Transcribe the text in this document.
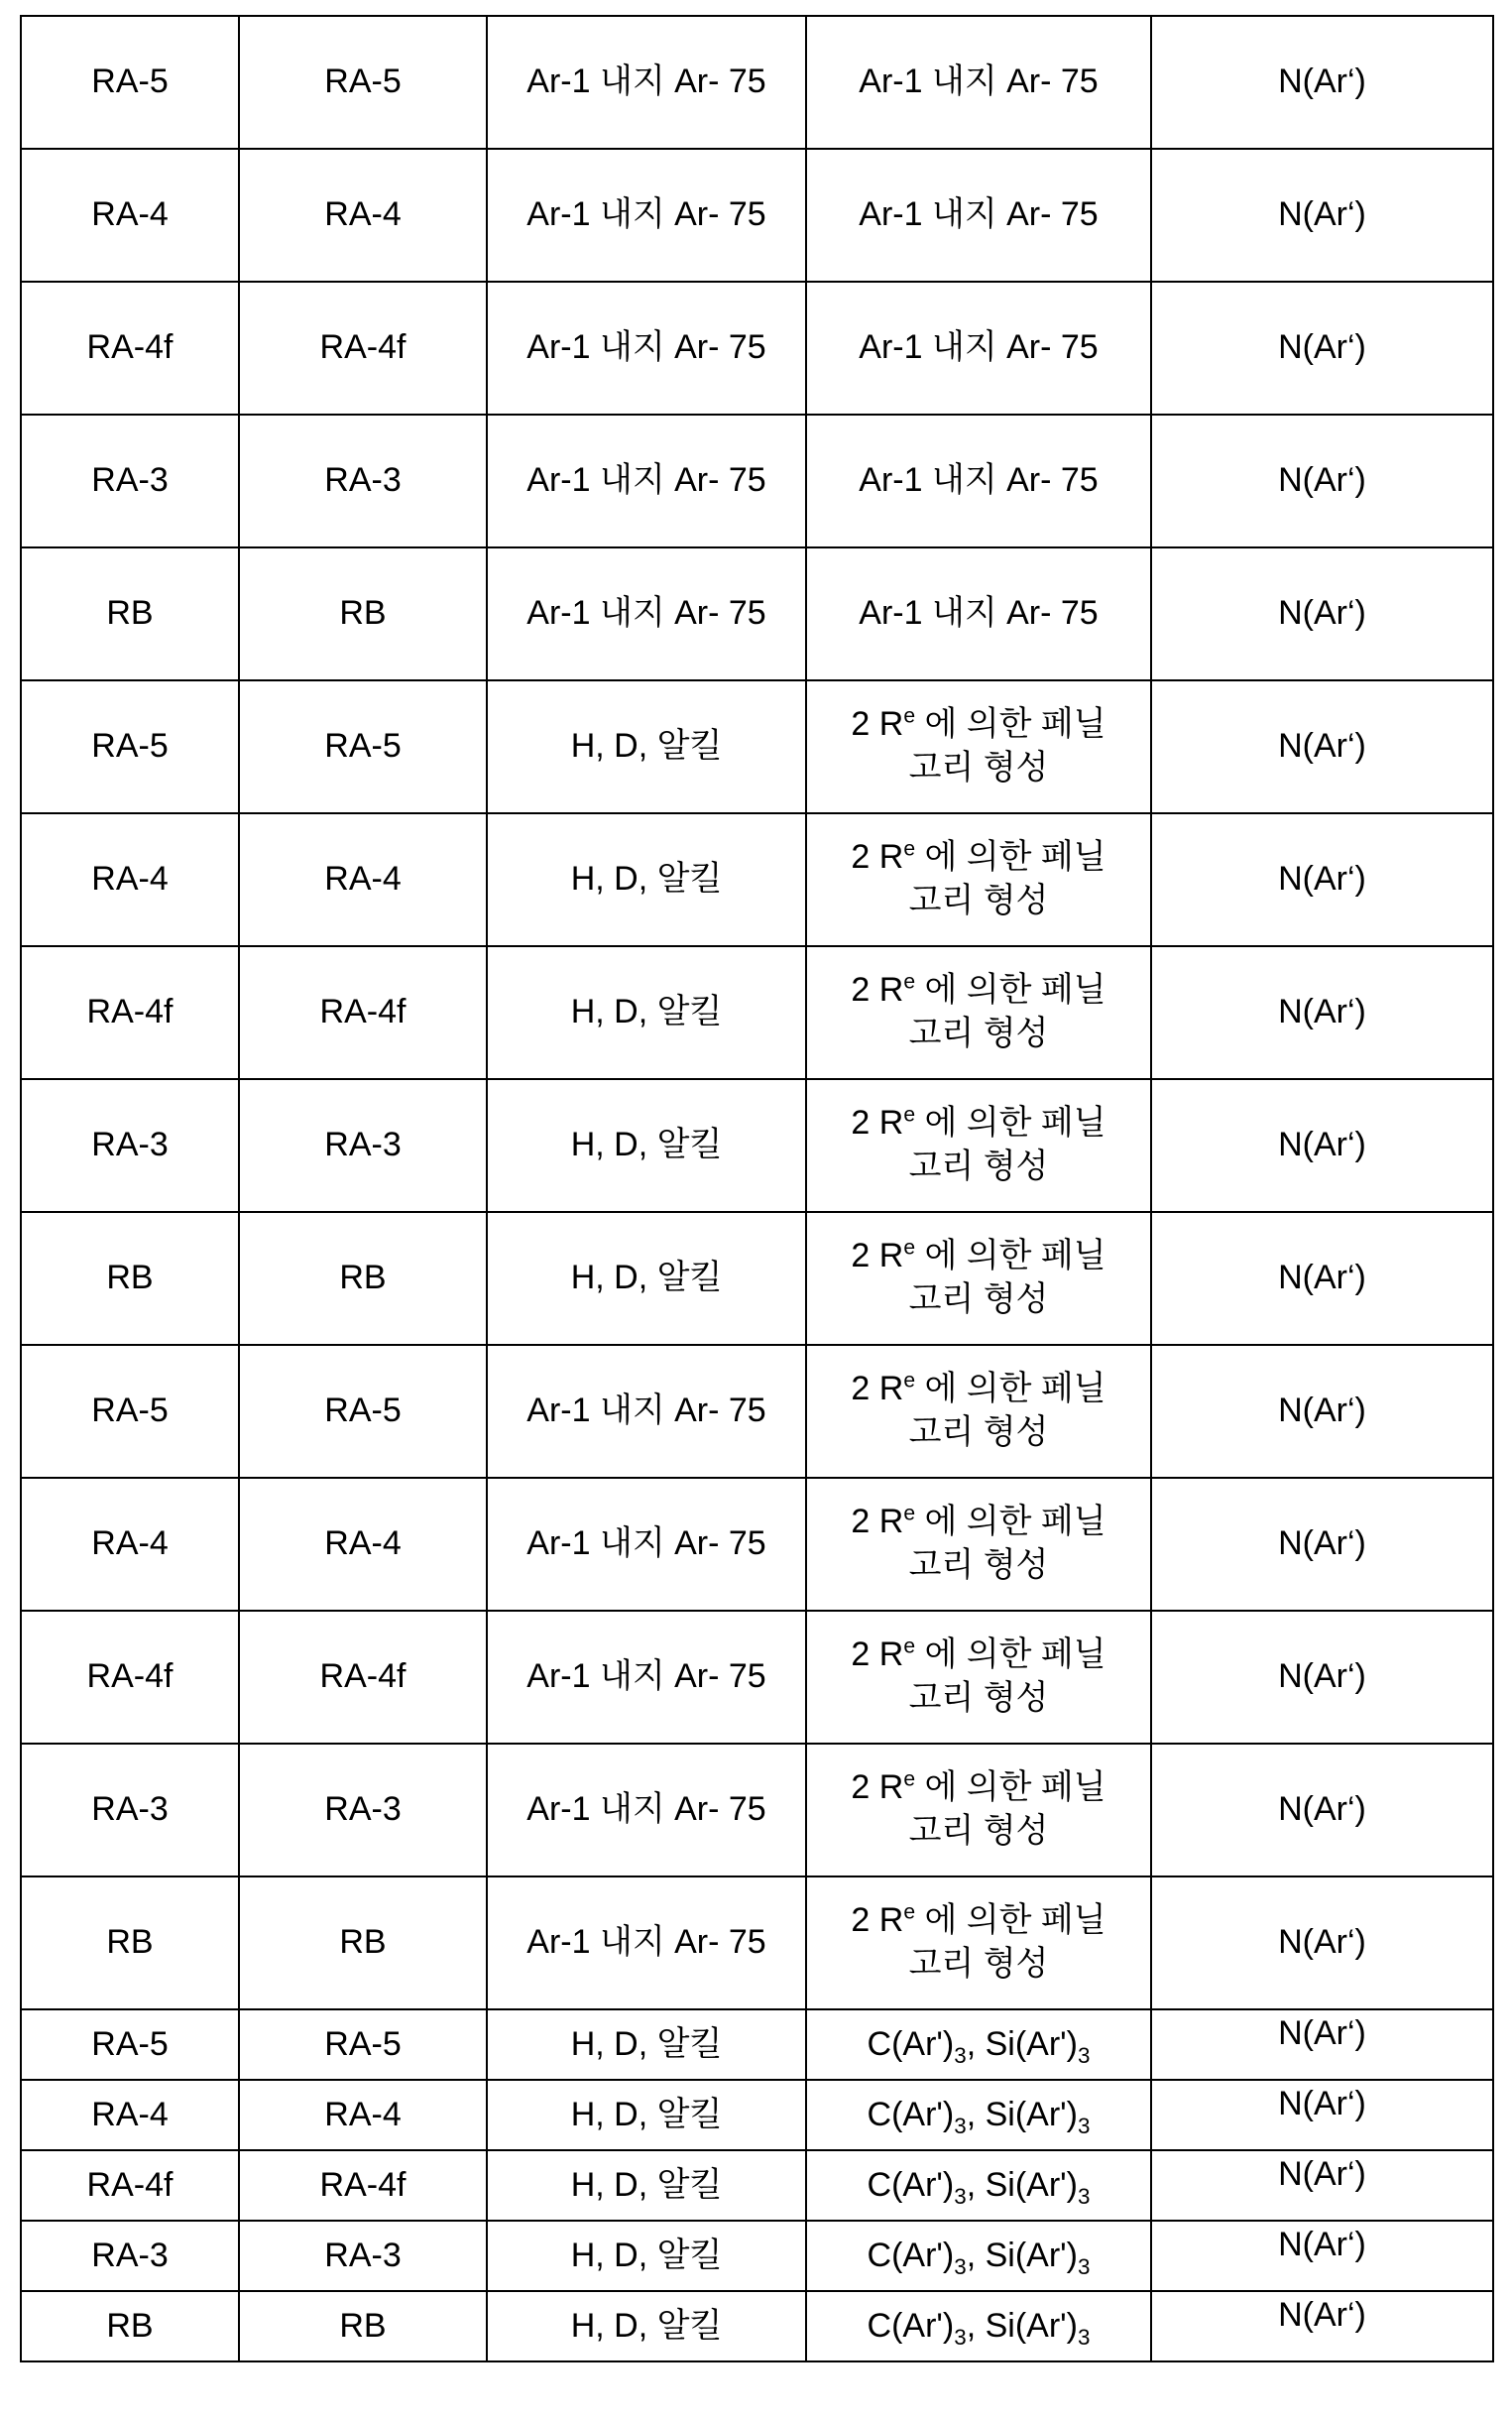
RA-5	RA-5	Ar-1 내지 Ar- 75	Ar-1 내지 Ar- 75	N(Ar‘)

RA-4	RA-4	Ar-1 내지 Ar- 75	Ar-1 내지 Ar- 75	N(Ar‘)

RA-4f	RA-4f	Ar-1 내지 Ar- 75	Ar-1 내지 Ar- 75	N(Ar‘)

RA-3	RA-3	Ar-1 내지 Ar- 75	Ar-1 내지 Ar- 75	N(Ar‘)

RB	RB	Ar-1 내지 Ar- 75	Ar-1 내지 Ar- 75	N(Ar‘)

RA-5	RA-5	H, D, 알킬	2 $R^e$ 에 의한 페닐 고리 형성	N(Ar‘)

RA-4	RA-4	H, D, 알킬	2 $R^e$ 에 의한 페닐 고리 형성	N(Ar‘)

RA-4f	RA-4f	H, D, 알킬	2 $R^e$ 에 의한 페닐 고리 형성	N(Ar‘)

RA-3	RA-3	H, D, 알킬	2 $R^e$ 에 의한 페닐 고리 형성	N(Ar‘)

RB	RB	H, D, 알킬	2 $R^e$ 에 의한 페닐 고리 형성	N(Ar‘)

RA-5	RA-5	Ar-1 내지 Ar- 75	2 $R^e$ 에 의한 페닐 고리 형성	N(Ar‘)

RA-4	RA-4	Ar-1 내지 Ar- 75	2 $R^e$ 에 의한 페닐 고리 형성	N(Ar‘)

RA-4f	RA-4f	Ar-1 내지 Ar- 75	2 $R^e$ 에 의한 페닐 고리 형성	N(Ar‘)

RA-3	RA-3	Ar-1 내지 Ar- 75	2 $R^e$ 에 의한 페닐 고리 형성	N(Ar‘)

RB	RB	Ar-1 내지 Ar- 75	2 $R^e$ 에 의한 페닐 고리 형성	N(Ar‘)

RA-5	RA-5	H, D, 알킬	$C(Ar')_3$, $Si(Ar')_3$	N(Ar‘)

RA-4	RA-4	H, D, 알킬	$C(Ar')_3$, $Si(Ar')_3$	N(Ar‘)

RA-4f	RA-4f	H, D, 알킬	$C(Ar')_3$, $Si(Ar')_3$	N(Ar‘)

RA-3	RA-3	H, D, 알킬	$C(Ar')_3$, $Si(Ar')_3$	N(Ar‘)

RB	RB	H, D, 알킬	$C(Ar')_3$, $Si(Ar')_3$	N(Ar‘)
